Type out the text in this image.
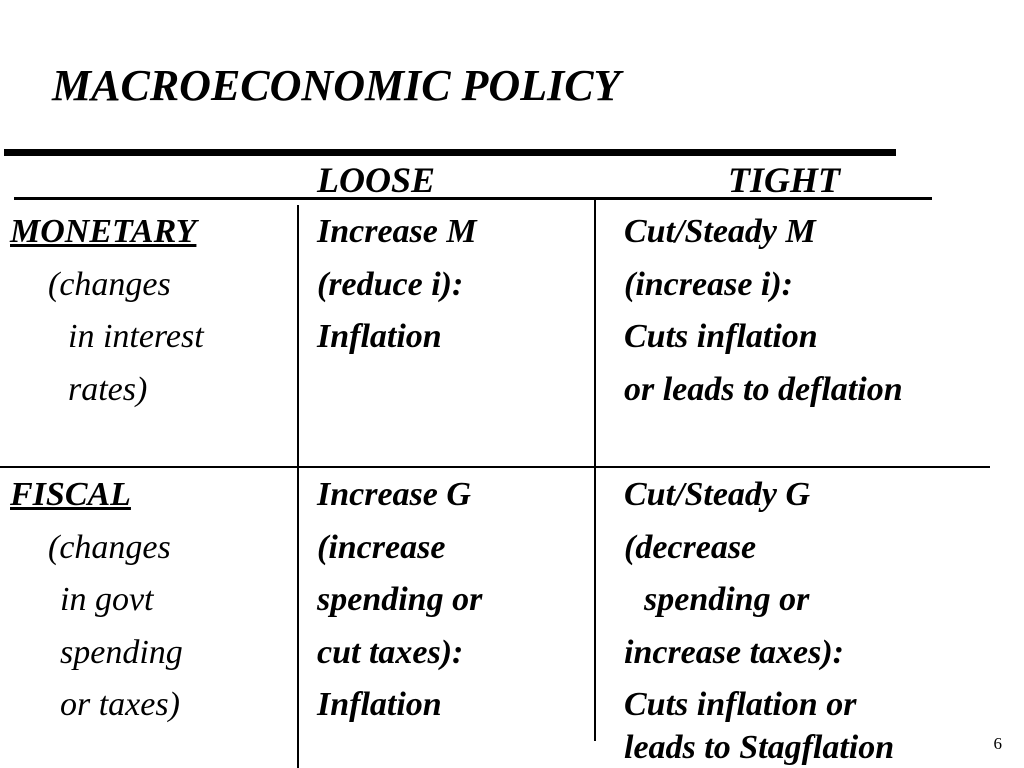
MACROECONOMIC POLICY
LOOSE	TIGHT
MONETARY
(changes
in interest
rates)
Increase M
(reduce i):
Inflation
Cut/Steady M
(increase i):
Cuts inflation
or leads to deflation
FISCAL
(changes
in govt
spending
or taxes)
Increase G
(increase
spending or
cut taxes):
Inflation
Cut/Steady G
(decrease
spending or
increase taxes):
Cuts inflation or
leads to Stagflation	6
